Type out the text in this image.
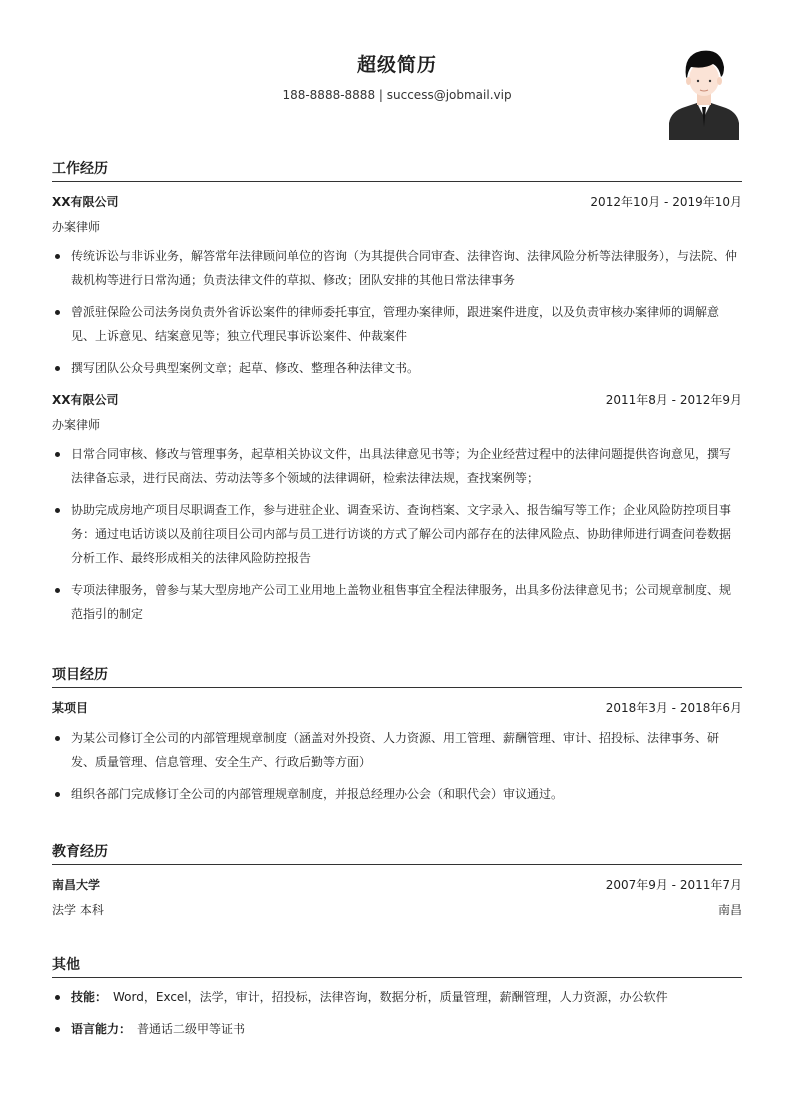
超级简历
188-8888-8888 | success@jobmail.vip
工作经历
XX有限公司	2012年10月 - 2019年10月
办案律师
传统诉讼与非诉业务，解答常年法律顾问单位的咨询（为其提供合同审查、法律咨询、法律风险分析等法律服务），与法院、仲裁机构等进行日常沟通；负责法律文件的草拟、修改；团队安排的其他日常法律事务
曾派驻保险公司法务岗负责外省诉讼案件的律师委托事宜，管理办案律师，跟进案件进度，以及负责审核办案律师的调解意见、上诉意见、结案意见等；独立代理民事诉讼案件、仲裁案件
撰写团队公众号典型案例文章；起草、修改、整理各种法律文书。
XX有限公司	2011年8月 - 2012年9月
办案律师
日常合同审核、修改与管理事务，起草相关协议文件，出具法律意见书等；为企业经营过程中的法律问题提供咨询意见，撰写法律备忘录，进行民商法、劳动法等多个领域的法律调研，检索法律法规，查找案例等；
协助完成房地产项目尽职调查工作，参与进驻企业、调查采访、查询档案、文字录入、报告编写等工作；企业风险防控项目事务：通过电话访谈以及前往项目公司内部与员工进行访谈的方式了解公司内部存在的法律风险点、协助律师进行调查问卷数据分析工作、最终形成相关的法律风险防控报告
专项法律服务，曾参与某大型房地产公司工业用地上盖物业租售事宜全程法律服务，出具多份法律意见书；公司规章制度、规范指引的制定
项目经历
某项目	2018年3月 - 2018年6月
为某公司修订全公司的内部管理规章制度（涵盖对外投资、人力资源、用工管理、薪酬管理、审计、招投标、法律事务、研发、质量管理、信息管理、安全生产、行政后勤等方面）
组织各部门完成修订全公司的内部管理规章制度，并报总经理办公会（和职代会）审议通过。
教育经历
南昌大学	2007年9月 - 2011年7月
法学 本科	南昌
其他
技能： Word，Excel，法学，审计，招投标，法律咨询，数据分析，质量管理，薪酬管理，人力资源，办公软件
语言能力： 普通话二级甲等证书
